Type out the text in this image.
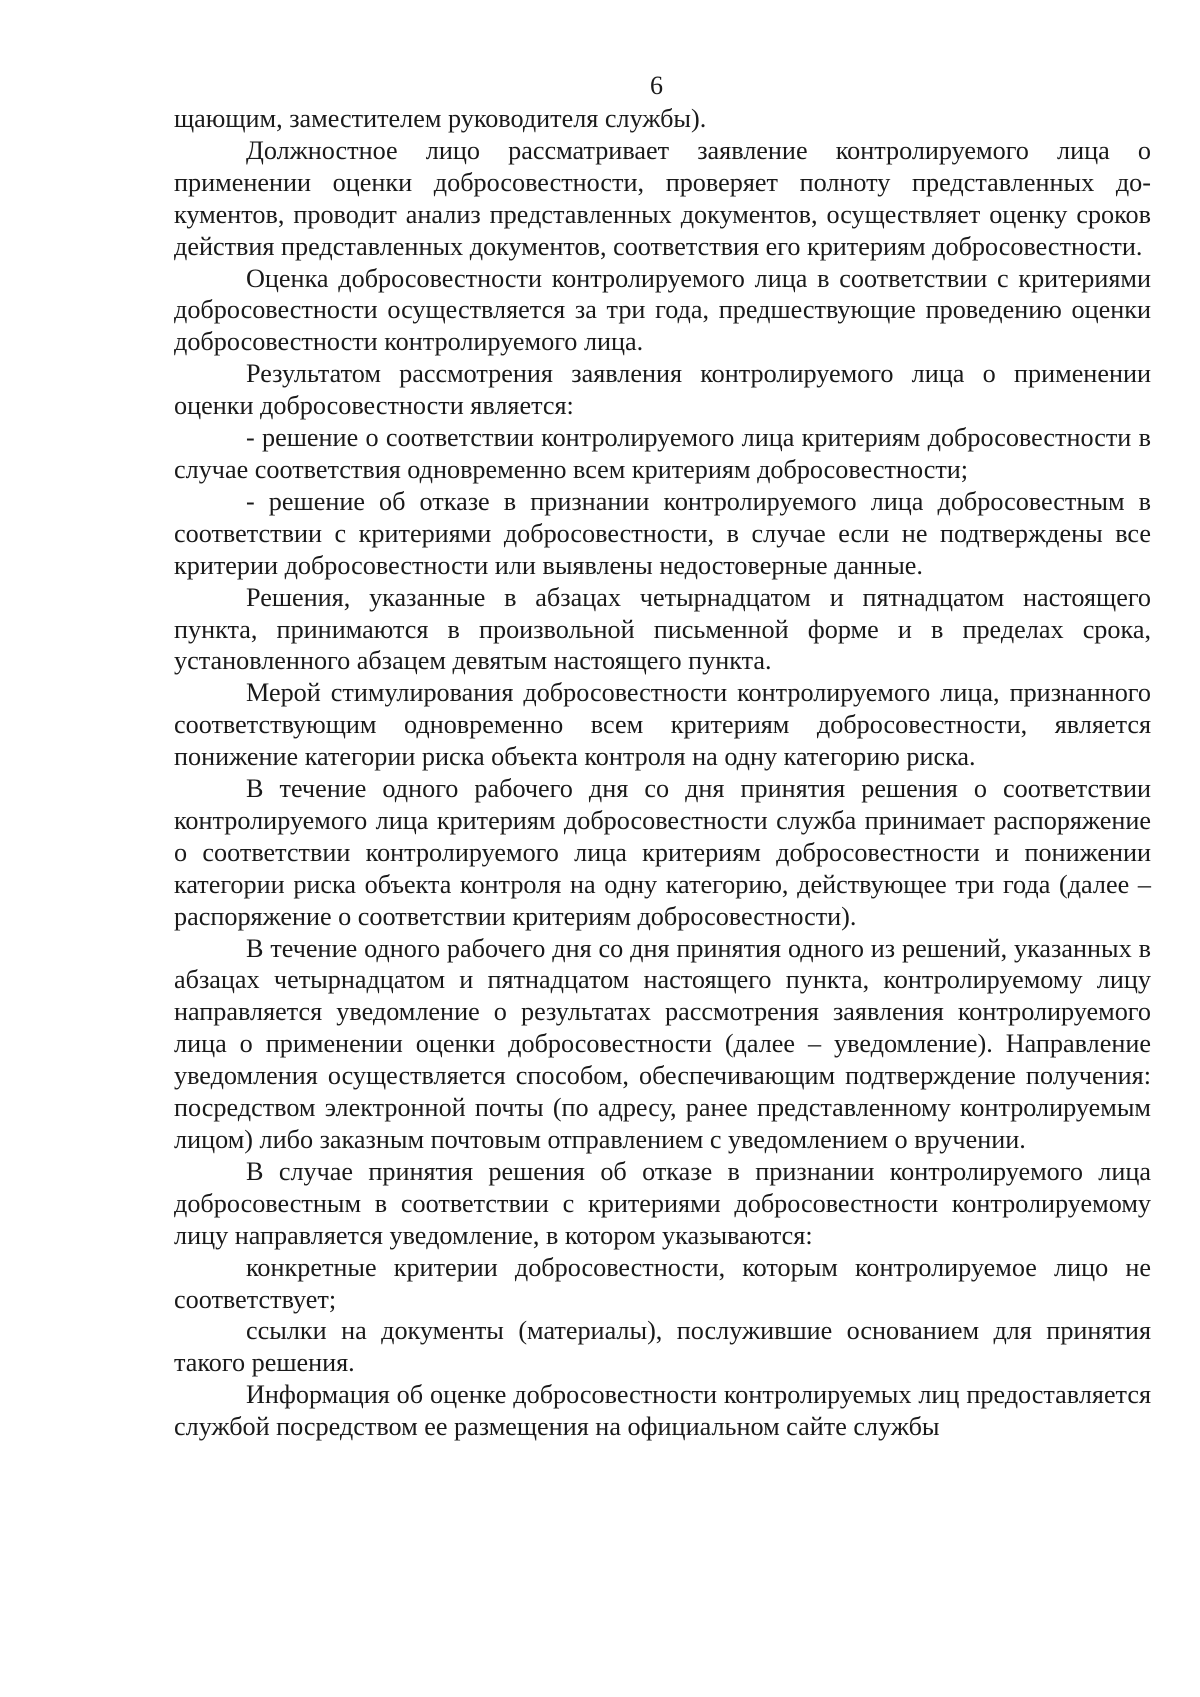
6

щающим, заместителем руководителя службы).

Должностное лицо рассматривает заявление контролируемого лица о применении оценки добросовестности, проверяет полноту представленных документов, проводит анализ представленных документов, осуществляет оценку сроков действия представленных документов, соответствия его критериям добросовестности.

Оценка добросовестности контролируемого лица в соответствии с критериями добросовестности осуществляется за три года, предшествующие проведению оценки добросовестности контролируемого лица.

Результатом рассмотрения заявления контролируемого лица о применении оценки добросовестности является:

- решение о соответствии контролируемого лица критериям добросовестности в случае соответствия одновременно всем критериям добросовестности;

- решение об отказе в признании контролируемого лица добросовестным в соответствии с критериями добросовестности, в случае если не подтверждены все критерии добросовестности или выявлены недостоверные данные.

Решения, указанные в абзацах четырнадцатом и пятнадцатом настоящего пункта, принимаются в произвольной письменной форме и в пределах срока, установленного абзацем девятым настоящего пункта.

Мерой стимулирования добросовестности контролируемого лица, признанного соответствующим одновременно всем критериям добросовестности, является понижение категории риска объекта контроля на одну категорию риска.

В течение одного рабочего дня со дня принятия решения о соответствии контролируемого лица критериям добросовестности служба принимает распоряжение о соответствии контролируемого лица критериям добросовестности и понижении категории риска объекта контроля на одну категорию, действующее три года (далее – распоряжение о соответствии критериям добросовестности).

В течение одного рабочего дня со дня принятия одного из решений, указанных в абзацах четырнадцатом и пятнадцатом настоящего пункта, контролируемому лицу направляется уведомление о результатах рассмотрения заявления контролируемого лица о применении оценки добросовестности (далее – уведомление). Направление уведомления осуществляется способом, обеспечивающим подтверждение получения: посредством электронной почты (по адресу, ранее представленному контролируемым лицом) либо заказным почтовым отправлением с уведомлением о вручении.

В случае принятия решения об отказе в признании контролируемого лица добросовестным в соответствии с критериями добросовестности контролируемому лицу направляется уведомление, в котором указываются:

конкретные критерии добросовестности, которым контролируемое лицо не соответствует;

ссылки на документы (материалы), послужившие основанием для принятия такого решения.

Информация об оценке добросовестности контролируемых лиц предоставляется службой посредством ее размещения на официальном сайте службы
